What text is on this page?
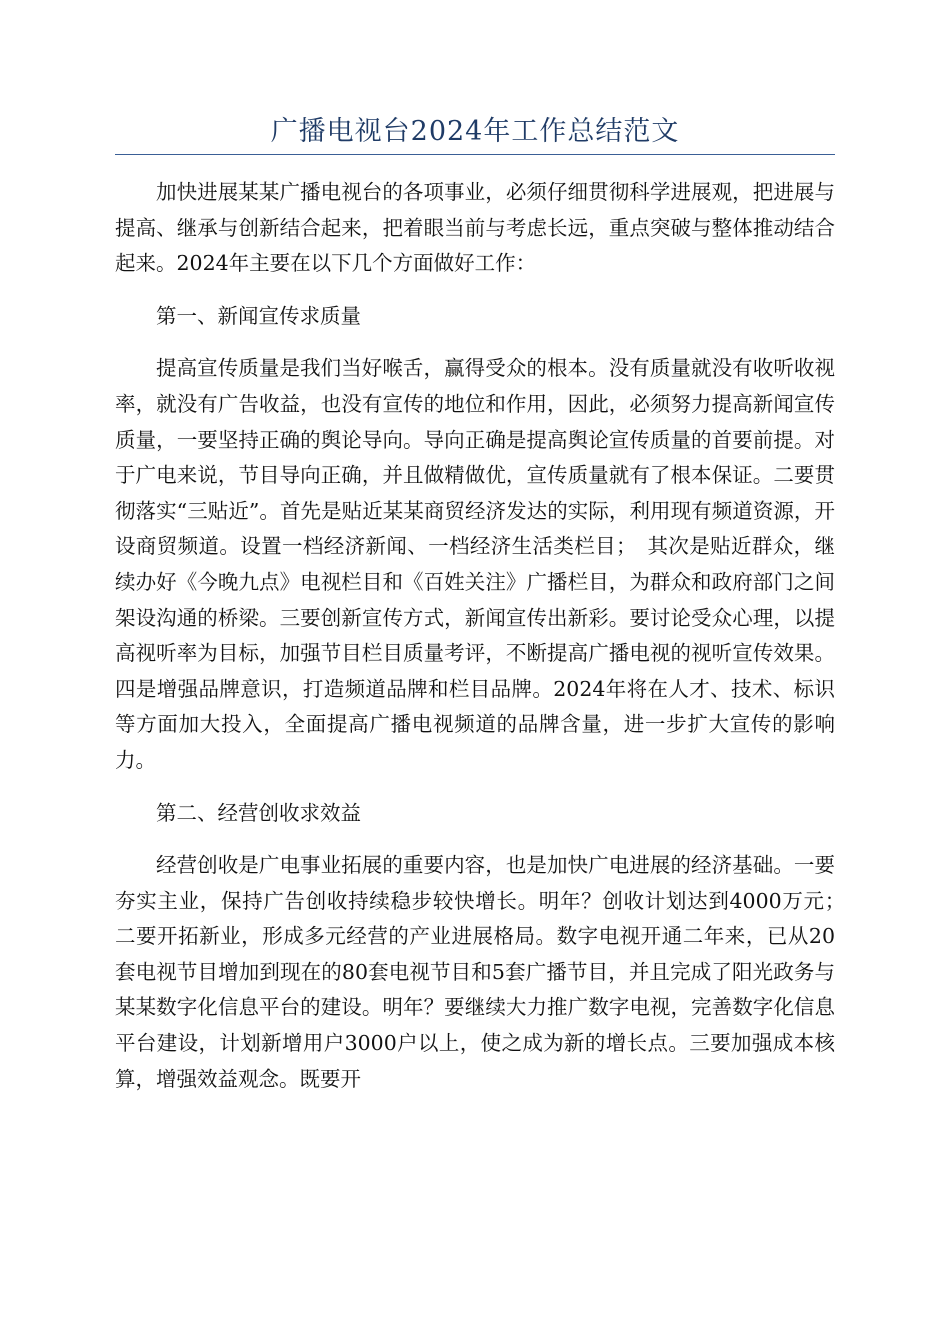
广播电视台2024年工作总结范文

加快进展某某广播电视台的各项事业，必须仔细贯彻科学进展观，把进展与提高、继承与创新结合起来，把着眼当前与考虑长远，重点突破与整体推动结合起来。2024年主要在以下几个方面做好工作：

第一、新闻宣传求质量

提高宣传质量是我们当好喉舌，赢得受众的根本。没有质量就没有收听收视率，就没有广告收益，也没有宣传的地位和作用，因此，必须努力提高新闻宣传质量，一要坚持正确的舆论导向。导向正确是提高舆论宣传质量的首要前提。对于广电来说，节目导向正确，并且做精做优，宣传质量就有了根本保证。二要贯彻落实“三贴近”。首先是贴近某某商贸经济发达的实际，利用现有频道资源，开设商贸频道。设置一档经济新闻、一档经济生活类栏目；　其次是贴近群众，继续办好《今晚九点》电视栏目和《百姓关注》广播栏目，为群众和政府部门之间架设沟通的桥梁。三要创新宣传方式，新闻宣传出新彩。要讨论受众心理，以提高视听率为目标，加强节目栏目质量考评，不断提高广播电视的视听宣传效果。四是增强品牌意识，打造频道品牌和栏目品牌。2024年将在人才、技术、标识等方面加大投入，全面提高广播电视频道的品牌含量，进一步扩大宣传的影响力。

第二、经营创收求效益

经营创收是广电事业拓展的重要内容，也是加快广电进展的经济基础。一要夯实主业，保持广告创收持续稳步较快增长。明年？创收计划达到4000万元；　二要开拓新业，形成多元经营的产业进展格局。数字电视开通二年来，已从20套电视节目增加到现在的80套电视节目和5套广播节目，并且完成了阳光政务与某某数字化信息平台的建设。明年？要继续大力推广数字电视，完善数字化信息平台建设，计划新增用户3000户以上，使之成为新的增长点。三要加强成本核算，增强效益观念。既要开
